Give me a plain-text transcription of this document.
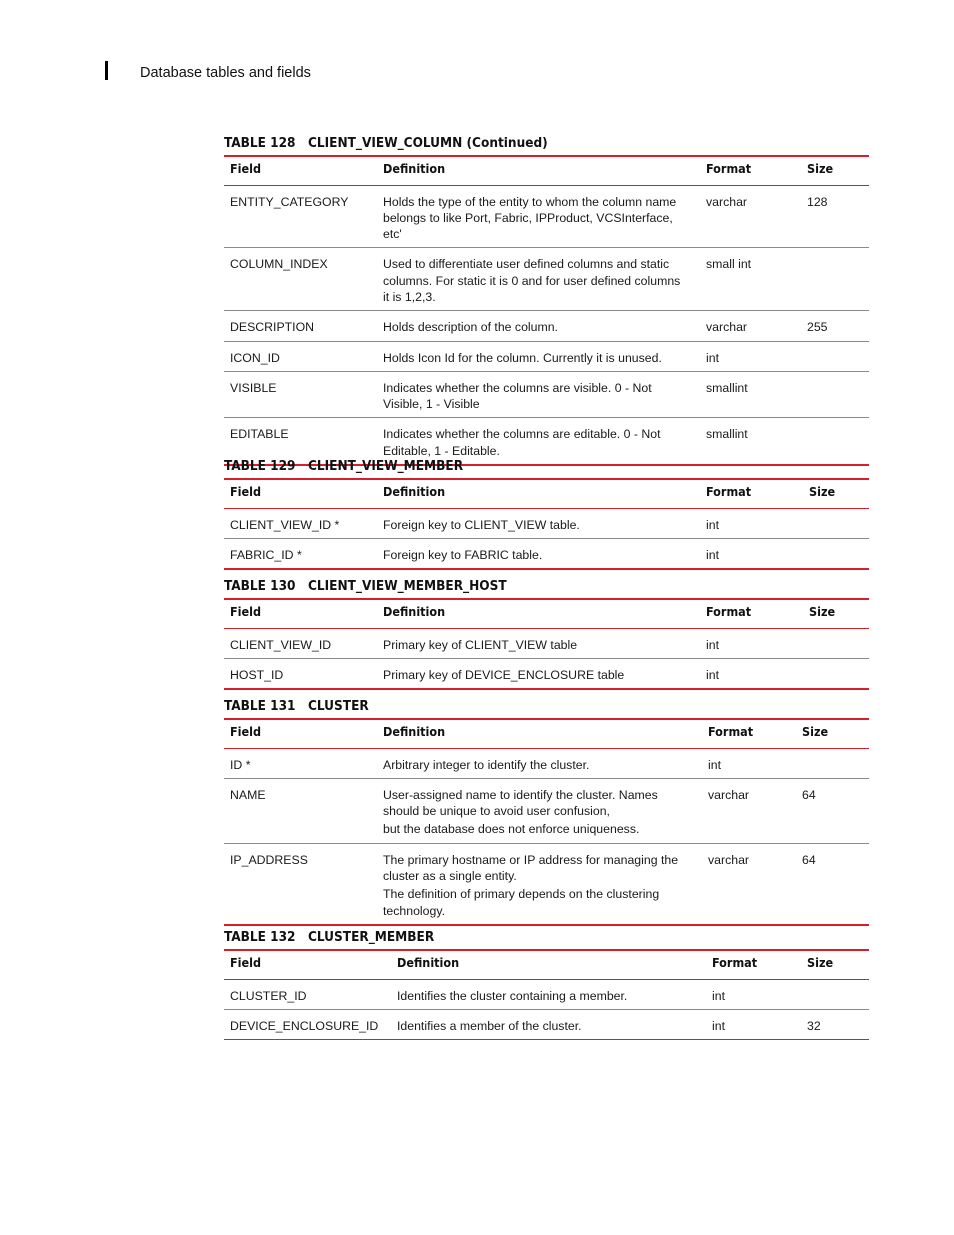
Database tables and fields
TABLE 128 CLIENT_VIEW_COLUMN (Continued)
Field	Definition	Format	Size
ENTITY_CATEGORY	Holds the type of the entity to whom the column name
belongs to like Port, Fabric, IPProduct, VCSInterface,
etc'	varchar	128
COLUMN_INDEX	Used to differentiate user defined columns and static
columns. For static it is 0 and for user defined columns
it is 1,2,3.	small int	
DESCRIPTION	Holds description of the column.	varchar	255
ICON_ID	Holds Icon Id for the column. Currently it is unused.	int	
VISIBLE	Indicates whether the columns are visible. 0 - Not
Visible, 1 - Visible	smallint	
EDITABLE	Indicates whether the columns are editable. 0 - Not
Editable, 1 - Editable.	smallint	
TABLE 129 CLIENT_VIEW_MEMBER
Field	Definition	Format	Size
CLIENT_VIEW_ID *	Foreign key to CLIENT_VIEW table.	int	
FABRIC_ID *	Foreign key to FABRIC table.	int	
TABLE 130 CLIENT_VIEW_MEMBER_HOST
Field	Definition	Format	Size
CLIENT_VIEW_ID	Primary key of CLIENT_VIEW table	int	
HOST_ID	Primary key of DEVICE_ENCLOSURE table	int	
TABLE 131 CLUSTER
Field	Definition	Format	Size
ID *	Arbitrary integer to identify the cluster.	int	
NAME	User-assigned name to identify the cluster. Names
should be unique to avoid user confusion,
but the database does not enforce uniqueness.	varchar	64
IP_ADDRESS	The primary hostname or IP address for managing the
cluster as a single entity.
The definition of primary depends on the clustering
technology.	varchar	64
TABLE 132 CLUSTER_MEMBER
Field	Definition	Format	Size
CLUSTER_ID	Identifies the cluster containing a member.	int	
DEVICE_ENCLOSURE_ID	Identifies a member of the cluster.	int	32
